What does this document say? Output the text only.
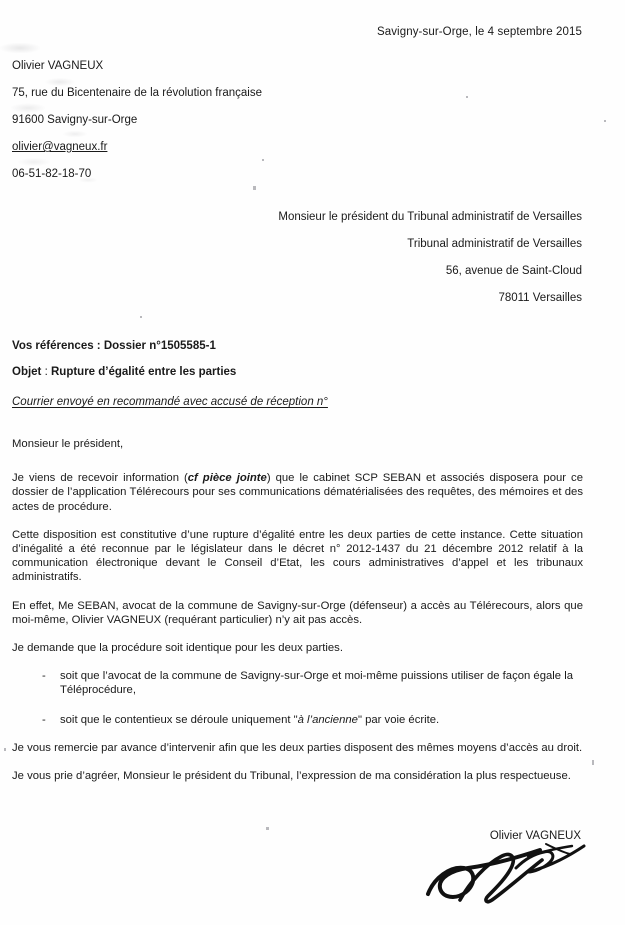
Savigny-sur-Orge, le 4 septembre 2015
Olivier VAGNEUX
75, rue du Bicentenaire de la révolution française
91600 Savigny-sur-Orge
olivier@vagneux.fr
06-51-82-18-70
Monsieur le président du Tribunal administratif de Versailles
Tribunal administratif de Versailles
56, avenue de Saint-Cloud
78011 Versailles
Vos références : Dossier n°1505585-1
Objet : Rupture d’égalité entre les parties
Courrier envoyé en recommandé avec accusé de réception n°

Monsieur le président,

Je viens de recevoir information (cf pièce jointe) que le cabinet SCP SEBAN et associés disposera pour ce dossier de l’application Télérecours pour ses communications dématérialisées des requêtes, des mémoires et des actes de procédure.

Cette disposition est constitutive d’une rupture d’égalité entre les deux parties de cette instance. Cette situation d’inégalité a été reconnue par le législateur dans le décret n° 2012-1437 du 21 décembre 2012 relatif à la communication électronique devant le Conseil d’Etat, les cours administratives d’appel et les tribunaux administratifs.

En effet, Me SEBAN, avocat de la commune de Savigny-sur-Orge (défenseur) a accès au Télérecours, alors que moi-même, Olivier VAGNEUX (requérant particulier) n’y ait pas accès.

Je demande que la procédure soit identique pour les deux parties.

- soit que l’avocat de la commune de Savigny-sur-Orge et moi-même puissions utiliser de façon égale la Téléprocédure,
- soit que le contentieux se déroule uniquement "à l’ancienne" par voie écrite.

Je vous remercie par avance d’intervenir afin que les deux parties disposent des mêmes moyens d’accès au droit.

Je vous prie d’agréer, Monsieur le président du Tribunal, l’expression de ma considération la plus respectueuse.

Olivier VAGNEUX
